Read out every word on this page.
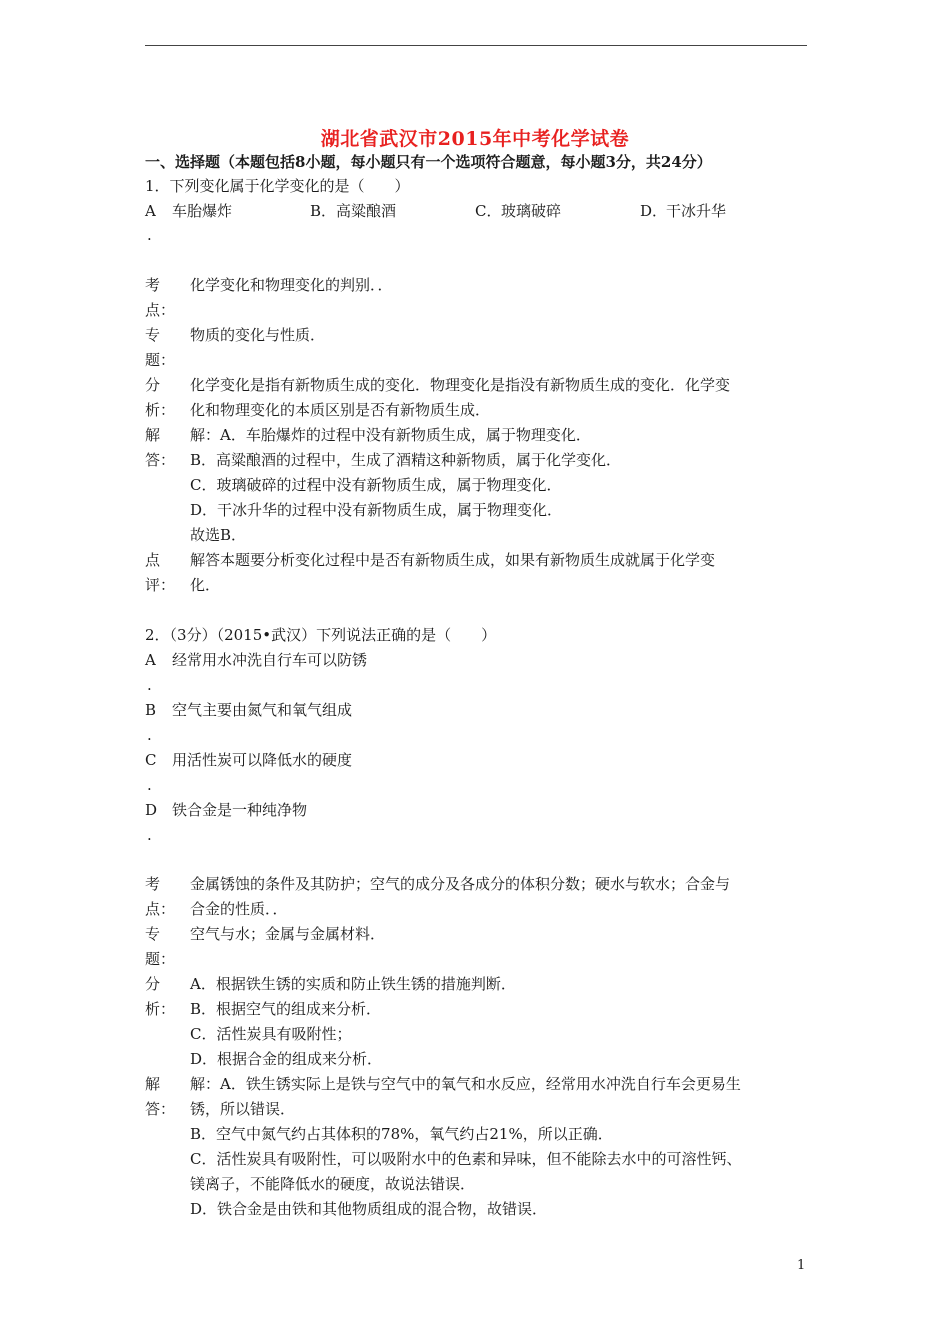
湖北省武汉市2015年中考化学试卷
一、选择题（本题包括8小题，每小题只有一个选项符合题意，每小题3分，共24分）
1．下列变化属于化学变化的是（　　）
A 车胎爆炸	B． 高粱酿酒	C． 玻璃破碎	D．
干冰升华
.
考
点：
化学变化和物理变化的判别．．
专
题：
物质的变化与性质．
分
析：
化学变化是指有新物质生成的变化．物理变化是指没有新物质生成的变化．化学变
化和物理变化的本质区别是否有新物质生成．
解
答：
解：A．车胎爆炸的过程中没有新物质生成，属于物理变化．
B．高粱酿酒的过程中，生成了酒精这种新物质，属于化学变化．
C．玻璃破碎的过程中没有新物质生成，属于物理变化．
D．干冰升华的过程中没有新物质生成，属于物理变化．
故选B．
点
评：
解答本题要分析变化过程中是否有新物质生成，如果有新物质生成就属于化学变
化．
2．（3分）（2015•武汉）下列说法正确的是（　　）
A 经常用水冲洗自行车可以防锈
.
B 空气主要由氮气和氧气组成
.
C 用活性炭可以降低水的硬度
.
D 铁合金是一种纯净物
.
考
点：
金属锈蚀的条件及其防护；空气的成分及各成分的体积分数；硬水与软水；合金与
合金的性质．．
专
题：
空气与水；金属与金属材料．
分
析：
A．根据铁生锈的实质和防止铁生锈的措施判断．
B．根据空气的组成来分析．
C．活性炭具有吸附性；
D．根据合金的组成来分析．
解
答：
解：A．铁生锈实际上是铁与空气中的氧气和水反应，经常用水冲洗自行车会更易生
锈，所以错误．
B．空气中氮气约占其体积的78%，氧气约占21%，所以正确．
C．活性炭具有吸附性，可以吸附水中的色素和异味，但不能除去水中的可溶性钙、
镁离子，不能降低水的硬度，故说法错误．
D．铁合金是由铁和其他物质组成的混合物，故错误．
1
